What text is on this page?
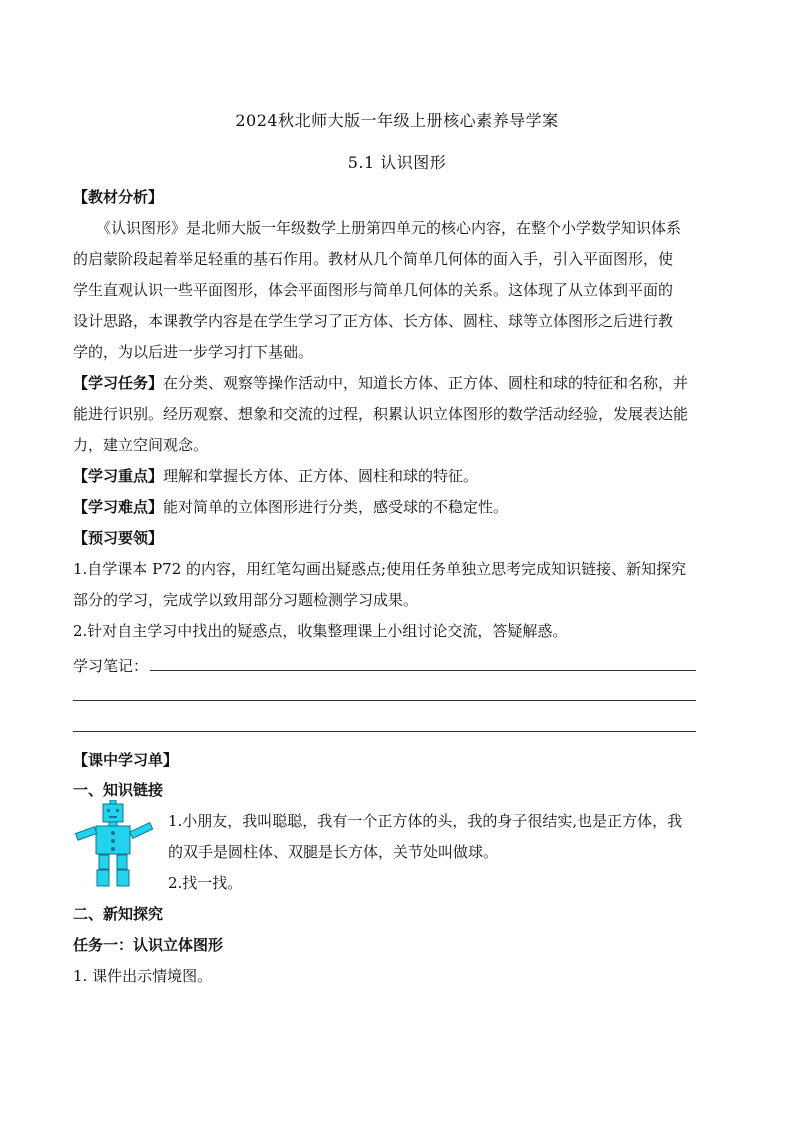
2024秋北师大版一年级上册核心素养导学案
5.1 认识图形
【教材分析】
《认识图形》是北师大版一年级数学上册第四单元的核心内容，在整个小学数学知识体系
的启蒙阶段起着举足轻重的基石作用。教材从几个简单几何体的面入手，引入平面图形，使
学生直观认识一些平面图形，体会平面图形与简单几何体的关系。这体现了从立体到平面的
设计思路，本课教学内容是在学生学习了正方体、长方体、圆柱、球等立体图形之后进行教
学的，为以后进一步学习打下基础。
【学习任务】在分类、观察等操作活动中，知道长方体、正方体、圆柱和球的特征和名称，并
能进行识别。经历观察、想象和交流的过程，积累认识立体图形的数学活动经验，发展表达能
力，建立空间观念。
【学习重点】理解和掌握长方体、正方体、圆柱和球的特征。
【学习难点】能对简单的立体图形进行分类，感受球的不稳定性。
【预习要领】
1.自学课本 P72 的内容，用红笔勾画出疑惑点;使用任务单独立思考完成知识链接、新知探究
部分的学习，完成学以致用部分习题检测学习成果。
2.针对自主学习中找出的疑惑点，收集整理课上小组讨论交流，答疑解惑。
学习笔记：
【课中学习单】
一、知识链接
1.小朋友，我叫聪聪，我有一个正方体的头，我的身子很结实,也是正方体，我
的双手是圆柱体、双腿是长方体，关节处叫做球。
2.找一找。
二、新知探究
任务一：认识立体图形
1. 课件出示情境图。
